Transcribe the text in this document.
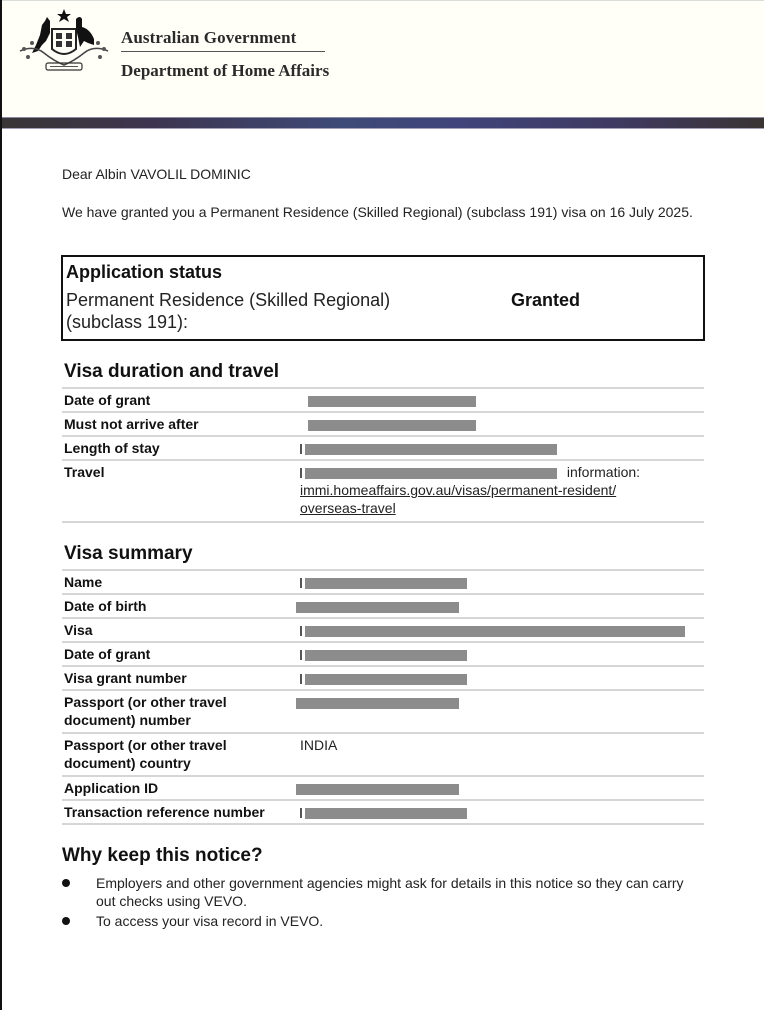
Australian Government
Department of Home Affairs
Dear Albin VAVOLIL DOMINIC
We have granted you a Permanent Residence (Skilled Regional) (subclass 191) visa on 16 July 2025.
Application status
Permanent Residence (Skilled Regional) (subclass 191):
Granted
Visa duration and travel
Date of grant
Must not arrive after
Length of stay
Travel	information:
immi.homeaffairs.gov.au/visas/permanent-resident/
overseas-travel
Visa summary
Name
Date of birth
Visa
Date of grant
Visa grant number
Passport (or other travel document) number
Passport (or other travel document) country
INDIA
Application ID
Transaction reference number
Why keep this notice?
Employers and other government agencies might ask for details in this notice so they can carry out checks using VEVO.
To access your visa record in VEVO.
